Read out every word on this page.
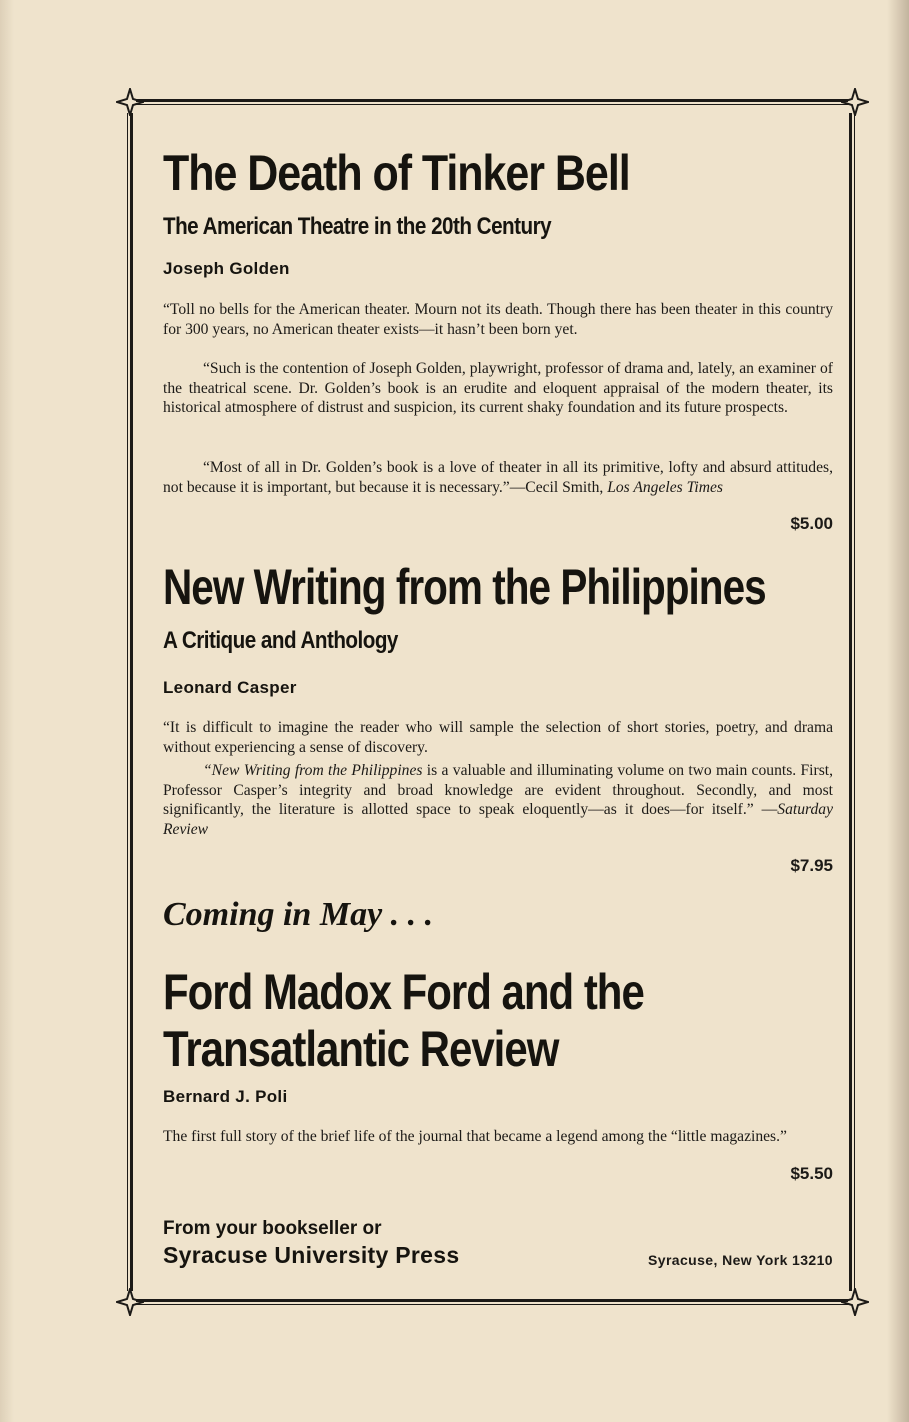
The Death of Tinker Bell
The American Theatre in the 20th Century
Joseph Golden

“Toll no bells for the American theater. Mourn not its death. Though there has been theater in this country for 300 years, no American theater exists—it hasn’t been born yet.

“Such is the contention of Joseph Golden, playwright, professor of drama and, lately, an examiner of the theatrical scene. Dr. Golden’s book is an erudite and eloquent appraisal of the modern theater, its historical atmosphere of distrust and suspicion, its current shaky foundation and its future prospects.

“Most of all in Dr. Golden’s book is a love of theater in all its primitive, lofty and absurd attitudes, not because it is important, but because it is necessary.”—Cecil Smith, Los Angeles Times

$5.00
New Writing from the Philippines
A Critique and Anthology
Leonard Casper

“It is difficult to imagine the reader who will sample the selection of short stories, poetry, and drama without experiencing a sense of discovery.

“New Writing from the Philippines is a valuable and illuminating volume on two main counts. First, Professor Casper’s integrity and broad knowledge are evident throughout. Secondly, and most significantly, the literature is allotted space to speak eloquently—as it does—for itself.” —Saturday Review

$7.95
Coming in May . . .
Ford Madox Ford and the
Transatlantic Review
Bernard J. Poli

The first full story of the brief life of the journal that became a legend among the “little magazines.”

$5.50
From your bookseller or
Syracuse University Press	Syracuse, New York 13210
